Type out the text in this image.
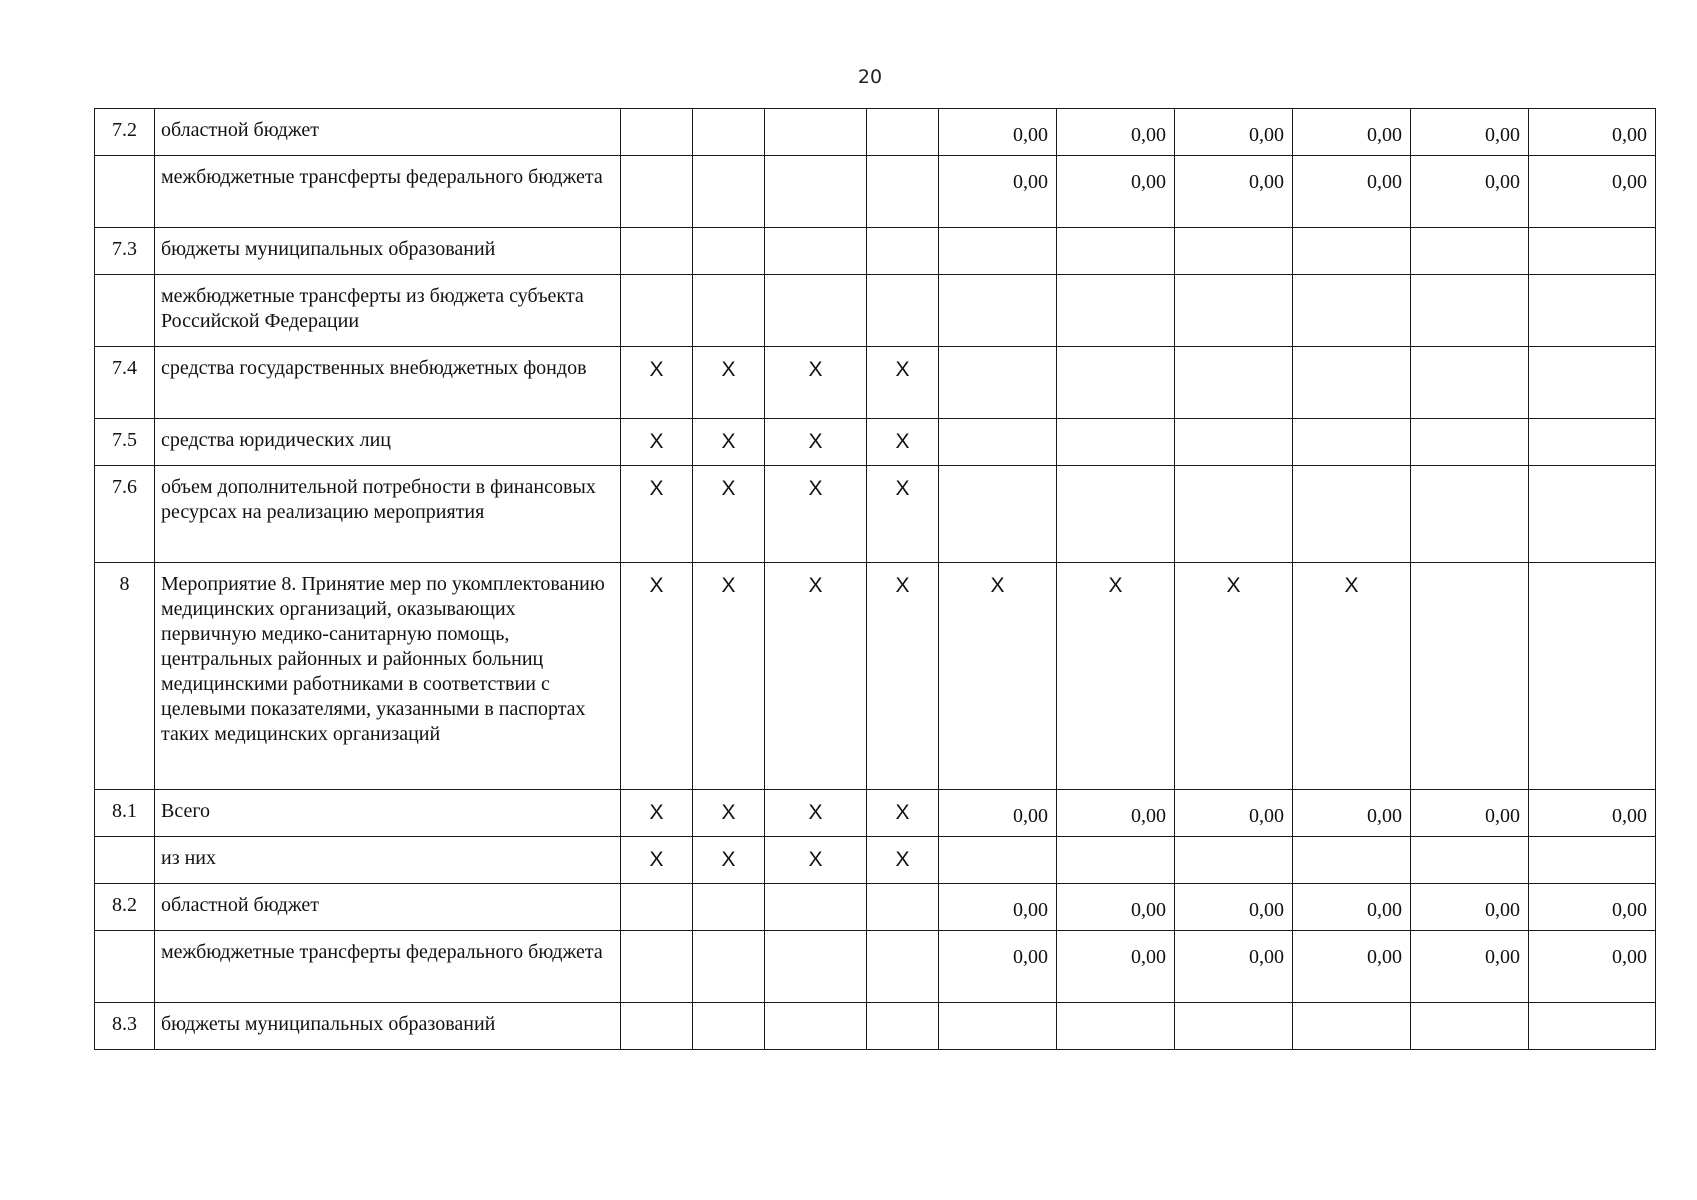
20
7.2	областной бюджет					0,00	0,00	0,00	0,00	0,00	0,00
	межбюджетные трансферты федерального бюджета					0,00	0,00	0,00	0,00	0,00	0,00
7.3	бюджеты муниципальных образований										
	межбюджетные трансферты из бюджета субъекта Российской Федерации										
7.4	средства государственных внебюджетных фондов	X	X	X	X						
7.5	средства юридических лиц	X	X	X	X						
7.6	объем дополнительной потребности в финансовых ресурсах на реализацию мероприятия	X	X	X	X						
8	Мероприятие 8. Принятие мер по укомплектованию медицинских организаций, оказывающих первичную медико-санитарную помощь, центральных районных и районных больниц медицинскими работниками в соответствии с целевыми показателями, указанными в паспортах таких медицинских организаций	X	X	X	X	X	X	X	X		
8.1	Всего	X	X	X	X	0,00	0,00	0,00	0,00	0,00	0,00
	из них	X	X	X	X						
8.2	областной бюджет					0,00	0,00	0,00	0,00	0,00	0,00
	межбюджетные трансферты федерального бюджета					0,00	0,00	0,00	0,00	0,00	0,00
8.3	бюджеты муниципальных образований										
